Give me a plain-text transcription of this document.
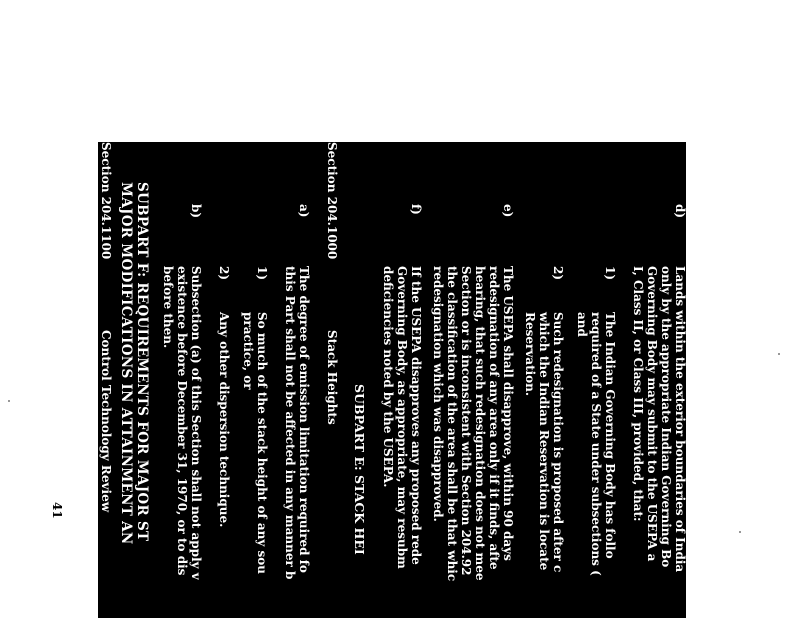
d)
Lands within the exterior boundaries of India
only by the appropriate Indian Governing Bo
Governing Body may submit to the USEPA a
I, Class II, or Class III, provided, that:
1)
The Indian Governing Body has follo
required of a State under subsections (
and
2)
Such redesignation is proposed after c
which the Indian Reservation is locate
Reservation.
e)
The USEPA shall disapprove, within 90 days
redesignation of any area only if it finds, afte
hearing, that such redesignation does not mee
Section or is inconsistent with Section 204.92
the classification of the area shall be that whic
redesignation which was disapproved.
f)
If the USEPA disapproves any proposed rede
Governing Body, as appropriate, may resubm
deficiencies noted by the USEPA.
SUBPART E: STACK HEI
Section 204.1000
Stack Heights
a)
The degree of emission limitation required fo
this Part shall not be affected in any manner b
1)
So much of the stack height of any sou
practice, or
2)
Any other dispersion technique.
b)
Subsection (a) of this Section shall not apply v
existence before December 31, 1970, or to dis
before then.
SUBPART F: REQUIREMENTS FOR MAJOR ST
MAJOR MODIFICATIONS IN ATTAINMENT AN
Section 204.1100
Control Technology Review
41
